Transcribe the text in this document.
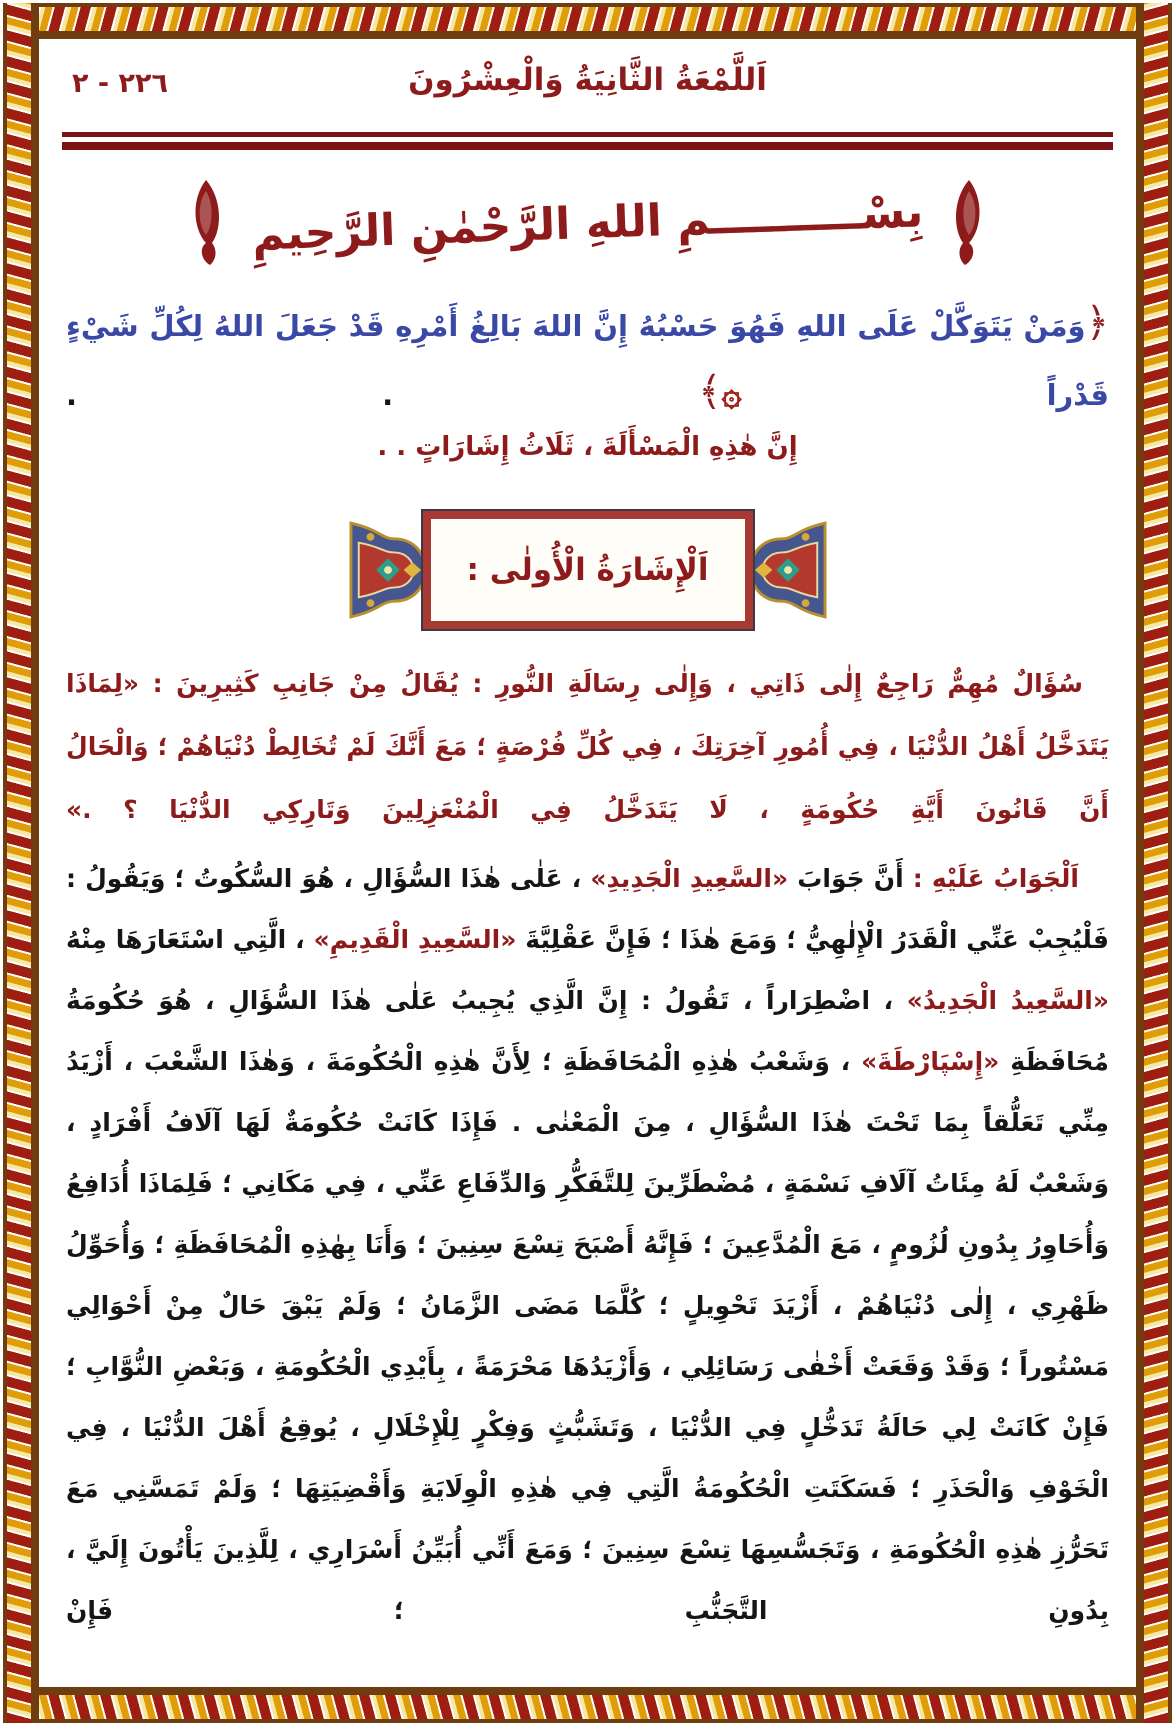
اَللَّمْعَةُ الثَّانِيَةُ وَالْعِشْرُونَ
٢٢٦ - ٢
بِسْــــــــــمِ اللهِ الرَّحْمٰنِ الرَّحِيمِ

﴿وَمَنْ يَتَوَكَّلْ عَلَى اللهِ فَهُوَ حَسْبُهُ إِنَّ اللهَ بَالِغُ أَمْرِهِ قَدْ جَعَلَ اللهُ لِكُلِّ شَيْءٍ قَدْراً ۞﴾ . .

إِنَّ هٰذِهِ الْمَسْأَلَةَ ، ثَلَاثُ إِشَارَاتٍ . .

اَلْإِشَارَةُ الْأُولٰى :

سُؤَالٌ مُهِمٌّ رَاجِعٌ إِلٰى ذَاتِي ، وَإِلٰى رِسَالَةِ النُّورِ : يُقَالُ مِنْ جَانِبِ كَثِيرِينَ : «لِمَاذَا يَتَدَخَّلُ أَهْلُ الدُّنْيَا ، فِي أُمُورِ آخِرَتِكَ ، فِي كُلِّ فُرْصَةٍ ؛ مَعَ أَنَّكَ لَمْ تُخَالِطْ دُنْيَاهُمْ ؛ وَالْحَالُ أَنَّ قَانُونَ أَيَّةِ حُكُومَةٍ ، لَا يَتَدَخَّلُ فِي الْمُنْعَزِلِينَ وَتَارِكِي الدُّنْيَا ؟ .»

اَلْجَوَابُ عَلَيْهِ : أَنَّ جَوَابَ «السَّعِيدِ الْجَدِيدِ» ، عَلٰى هٰذَا السُّؤَالِ ، هُوَ السُّكُوتُ ؛ وَيَقُولُ : فَلْيُجِبْ عَنِّي الْقَدَرُ الْإِلٰهِيُّ ؛ وَمَعَ هٰذَا ؛ فَإِنَّ عَقْلِيَّةَ «السَّعِيدِ الْقَدِيمِ» ، الَّتِي اسْتَعَارَهَا مِنْهُ «السَّعِيدُ الْجَدِيدُ» ، اضْطِرَاراً ، تَقُولُ : إِنَّ الَّذِي يُجِيبُ عَلٰى هٰذَا السُّؤَالِ ، هُوَ حُكُومَةُ مُحَافَظَةِ «إِسْپَارْطَةَ» ، وَشَعْبُ هٰذِهِ الْمُحَافَظَةِ ؛ لِأَنَّ هٰذِهِ الْحُكُومَةَ ، وَهٰذَا الشَّعْبَ ، أَزْيَدُ مِنِّي تَعَلُّقاً بِمَا تَحْتَ هٰذَا السُّؤَالِ ، مِنَ الْمَعْنٰى . فَإِذَا كَانَتْ حُكُومَةٌ لَهَا آلَافُ أَفْرَادٍ ، وَشَعْبٌ لَهُ مِئَاتُ آلَافِ نَسْمَةٍ ، مُضْطَرِّينَ لِلتَّفَكُّرِ وَالدِّفَاعِ عَنِّي ، فِي مَكَانِي ؛ فَلِمَاذَا أُدَافِعُ وَأُحَاوِرُ بِدُونِ لُزُومٍ ، مَعَ الْمُدَّعِينَ ؛ فَإِنَّهُ أَصْبَحَ تِسْعَ سِنِينَ ؛ وَأَنَا بِهٰذِهِ الْمُحَافَظَةِ ؛ وَأُحَوِّلُ ظَهْرِي ، إِلٰى دُنْيَاهُمْ ، أَزْيَدَ تَحْوِيلٍ ؛ كُلَّمَا مَضَى الزَّمَانُ ؛ وَلَمْ يَبْقَ حَالٌ مِنْ أَحْوَالِي مَسْتُوراً ؛ وَقَدْ وَقَعَتْ أَخْفٰى رَسَائِلِي ، وَأَزْيَدُهَا مَحْرَمَةً ، بِأَيْدِي الْحُكُومَةِ ، وَبَعْضِ النُّوَّابِ ؛ فَإِنْ كَانَتْ لِي حَالَةُ تَدَخُّلٍ فِي الدُّنْيَا ، وَتَشَبُّثٍ وَفِكْرٍ لِلْإِخْلَالِ ، يُوقِعُ أَهْلَ الدُّنْيَا ، فِي الْخَوْفِ وَالْحَذَرِ ؛ فَسَكَتَتِ الْحُكُومَةُ الَّتِي فِي هٰذِهِ الْوِلَايَةِ وَأَقْضِيَتِهَا ؛ وَلَمْ تَمَسَّنِي مَعَ تَحَرُّزِ هٰذِهِ الْحُكُومَةِ ، وَتَجَسُّسِهَا تِسْعَ سِنِينَ ؛ وَمَعَ أَنِّي أُبَيِّنُ أَسْرَارِي ، لِلَّذِينَ يَأْتُونَ إِلَيَّ ، بِدُونِ التَّجَنُّبِ ؛ فَإِنْ
